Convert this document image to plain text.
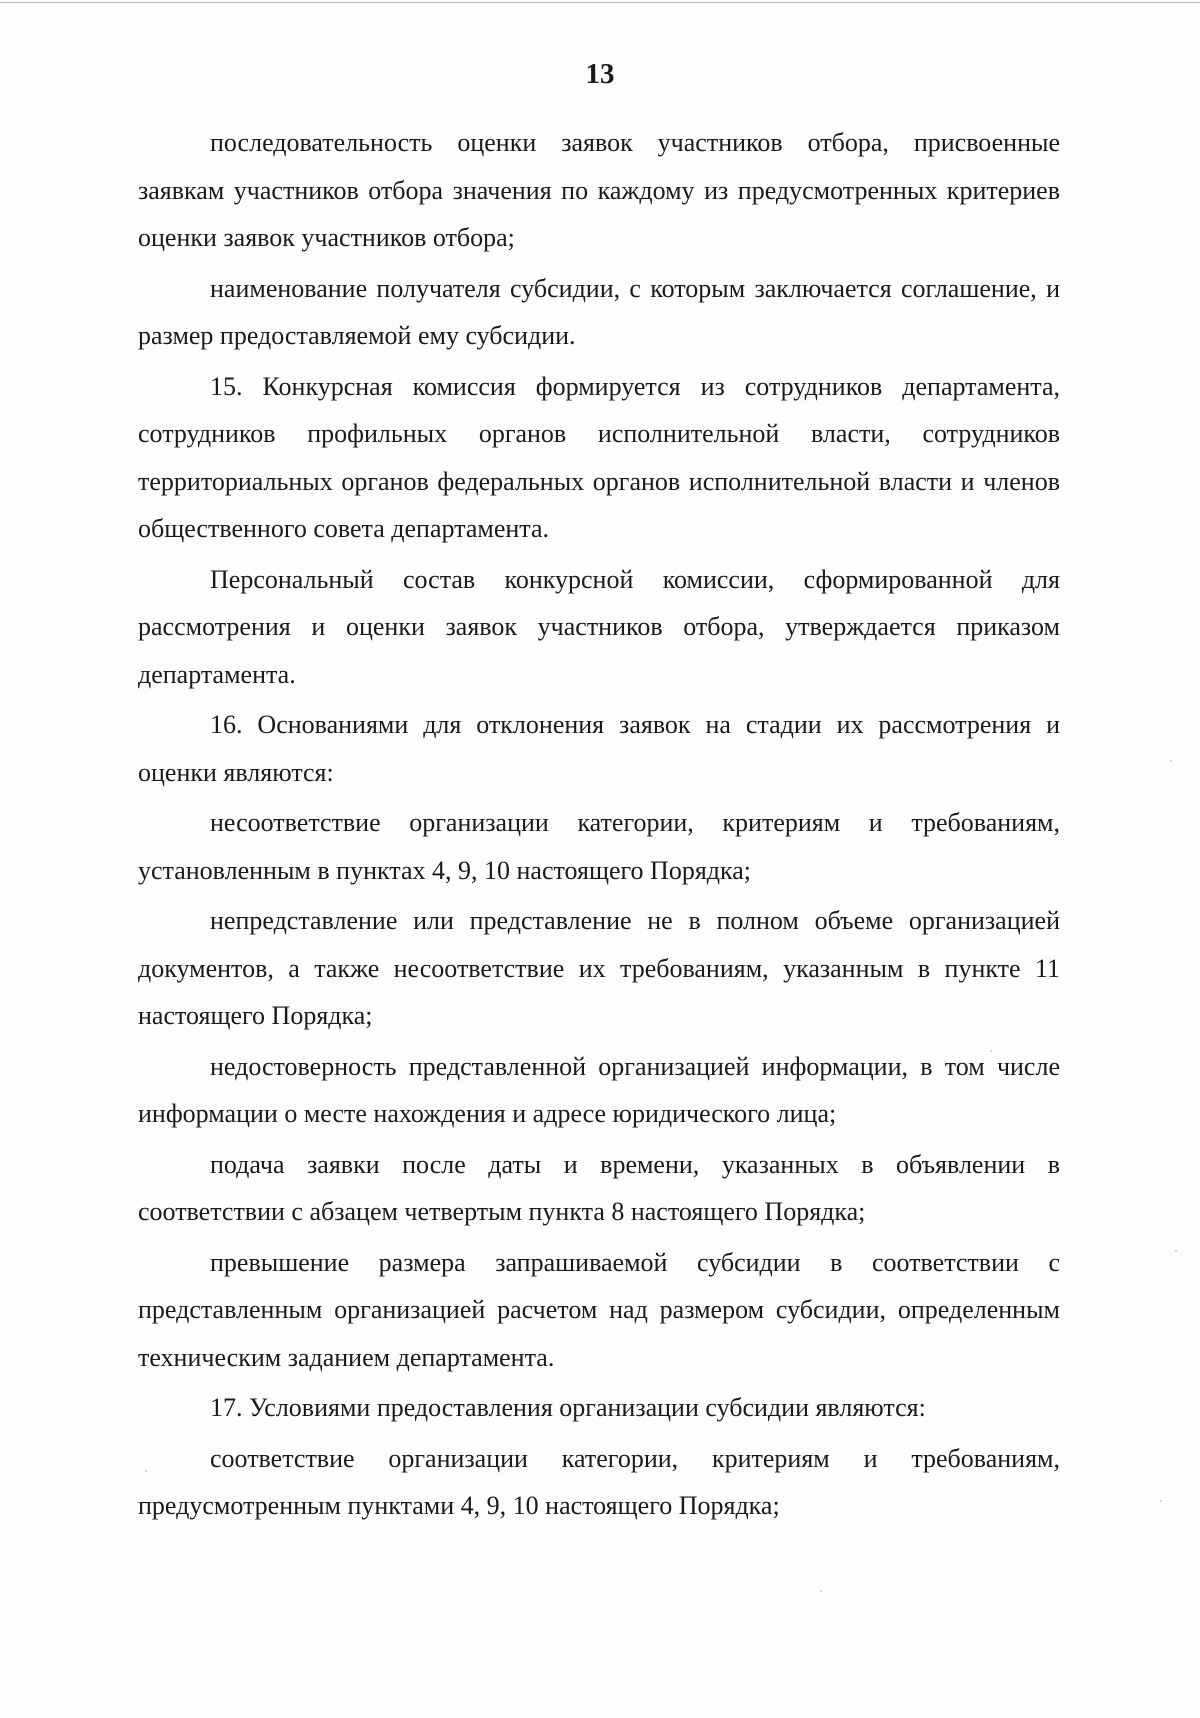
13

последовательность оценки заявок участников отбора, присвоенные заявкам участников отбора значения по каждому из предусмотренных критериев оценки заявок участников отбора;

наименование получателя субсидии, с которым заключается соглашение, и размер предоставляемой ему субсидии.

15. Конкурсная комиссия формируется из сотрудников департамента, сотрудников профильных органов исполнительной власти, сотрудников территориальных органов федеральных органов исполнительной власти и членов общественного совета департамента.

Персональный состав конкурсной комиссии, сформированной для рассмотрения и оценки заявок участников отбора, утверждается приказом департамента.

16. Основаниями для отклонения заявок на стадии их рассмотрения и оценки являются:

несоответствие организации категории, критериям и требованиям, установленным в пунктах 4, 9, 10 настоящего Порядка;

непредставление или представление не в полном объеме организацией документов, а также несоответствие их требованиям, указанным в пункте 11 настоящего Порядка;

недостоверность представленной организацией информации, в том числе информации о месте нахождения и адресе юридического лица;

подача заявки после даты и времени, указанных в объявлении в соответствии с абзацем четвертым пункта 8 настоящего Порядка;

превышение размера запрашиваемой субсидии в соответствии с представленным организацией расчетом над размером субсидии, определенным техническим заданием департамента.

17. Условиями предоставления организации субсидии являются:

соответствие организации категории, критериям и требованиям, предусмотренным пунктами 4, 9, 10 настоящего Порядка;
